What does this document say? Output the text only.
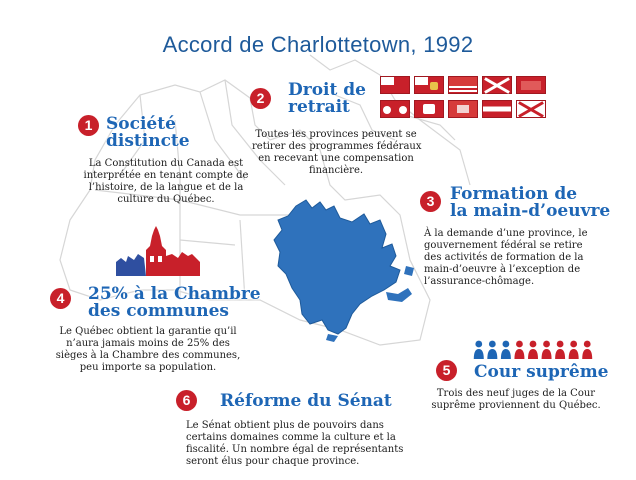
Accord de Charlottetown, 1992
1 Société
distincte
La Constitution du Canada est
interprétée en tenant compte de
l’histoire, de la langue et de la
culture du Québec.
2	Droit de
retrait
Toutes les provinces peuvent se
retirer des programmes fédéraux
en recevant une compensation
financière.
3 Formation de
la main-d’oeuvre
À la demande d’une province, le
gouvernement fédéral se retire
des activités de formation de la
main-d’oeuvre à l’exception de
l’assurance-chômage.
4	25% à la Chambre
des communes
Le Québec obtient la garantie qu’il
n’aura jamais moins de 25% des
sièges à la Chambre des communes,
peu importe sa population.	5	Cour suprême
Trois des neuf juges de la Cour
suprême proviennent du Québec.
6	Réforme du Sénat
Le Sénat obtient plus de pouvoirs dans
certains domaines comme la culture et la
fiscalité. Un nombre égal de représentants
seront élus pour chaque province.
